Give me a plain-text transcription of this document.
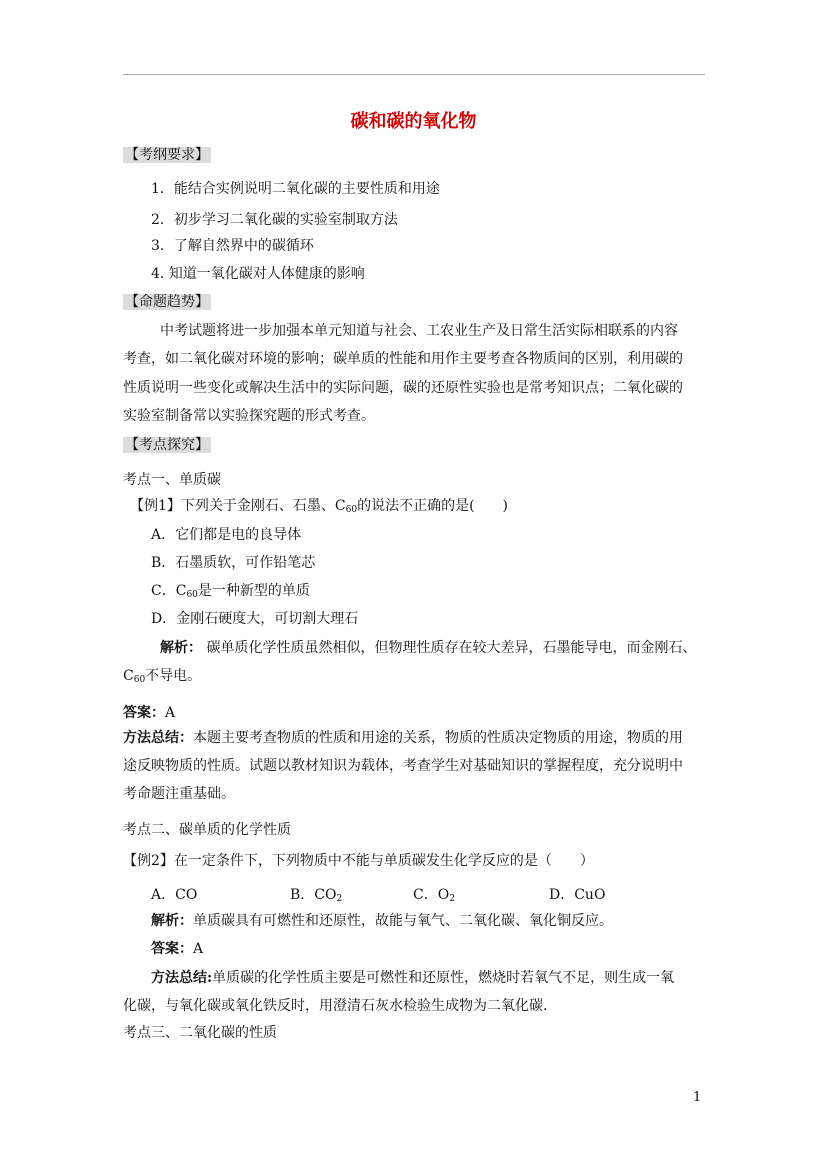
碳和碳的氧化物
【考纲要求】
1．能结合实例说明二氧化碳的主要性质和用途
2．初步学习二氧化碳的实验室制取方法
3．了解自然界中的碳循环
4. 知道一氧化碳对人体健康的影响
【命题趋势】
中考试题将进一步加强本单元知道与社会、工农业生产及日常生活实际相联系的内容
考查，如二氧化碳对环境的影响；碳单质的性能和用作主要考查各物质间的区别，利用碳的
性质说明一些变化或解决生活中的实际问题，碳的还原性实验也是常考知识点；二氧化碳的
实验室制备常以实验探究题的形式考查。
【考点探究】
考点一、单质碳
【例1】下列关于金刚石、石墨、$C_{60}$的说法不正确的是(　　)
A．它们都是电的良导体
B．石墨质软，可作铅笔芯
C．$C_{60}$是一种新型的单质
D．金刚石硬度大，可切割大理石
解析： 碳单质化学性质虽然相似，但物理性质存在较大差异，石墨能导电，而金刚石、
$C_{60}$不导电。
答案：A
方法总结：本题主要考查物质的性质和用途的关系，物质的性质决定物质的用途，物质的用
途反映物质的性质。试题以教材知识为载体，考查学生对基础知识的掌握程度，充分说明中
考命题注重基础。
考点二、碳单质的化学性质
【例2】在一定条件下，下列物质中不能与单质碳发生化学反应的是（　　）
A．CO	B．$CO_2$	C．$O_2$	D．CuO
解析：单质碳具有可燃性和还原性，故能与氧气、二氧化碳、氧化铜反应。
答案：A
方法总结:单质碳的化学性质主要是可燃性和还原性，燃烧时若氧气不足，则生成一氧
化碳，与氧化碳或氧化铁反时，用澄清石灰水检验生成物为二氧化碳.
考点三、二氧化碳的性质
1
